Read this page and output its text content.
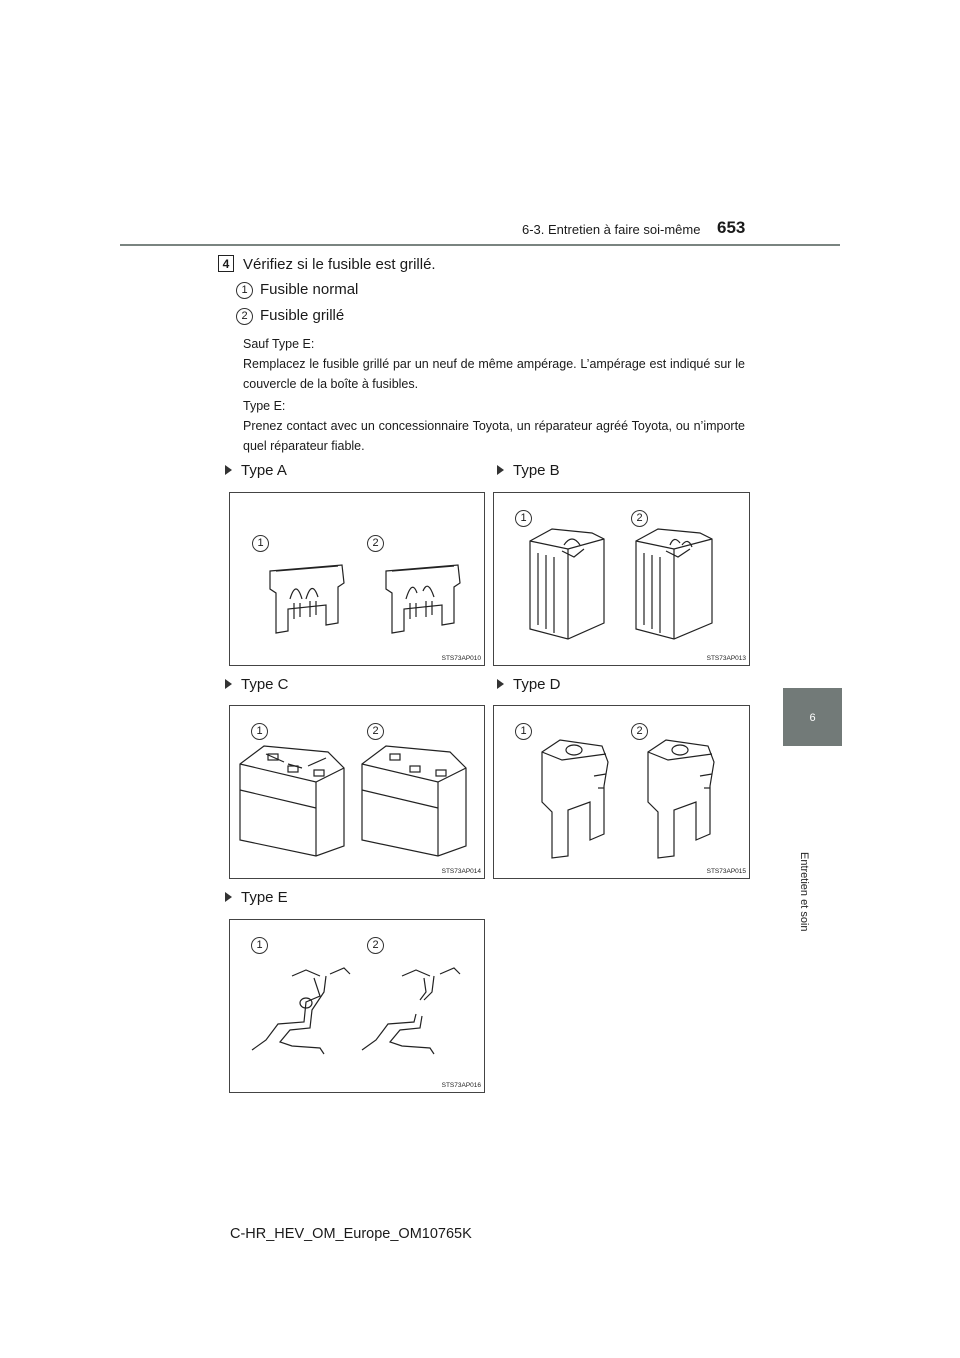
6-3. Entretien à faire soi-même 653
6
Entretien et soin
4 Vérifiez si le fusible est grillé.
1 Fusible normal
2 Fusible grillé
Sauf Type E:
Remplacez le fusible grillé par un neuf de même ampérage. L’ampérage est indiqué sur le couvercle de la boîte à fusibles.
Type E:
Prenez contact avec un concessionnaire Toyota, un réparateur agréé Toyota, ou n’importe quel réparateur fiable.
Type A	Type B
Type C	Type D
Type E
1	2
STS73AP010
1	2
STS73AP013
1	2
STS73AP014
1	2
STS73AP015
1	2
STS73AP016
C-HR_HEV_OM_Europe_OM10765K
